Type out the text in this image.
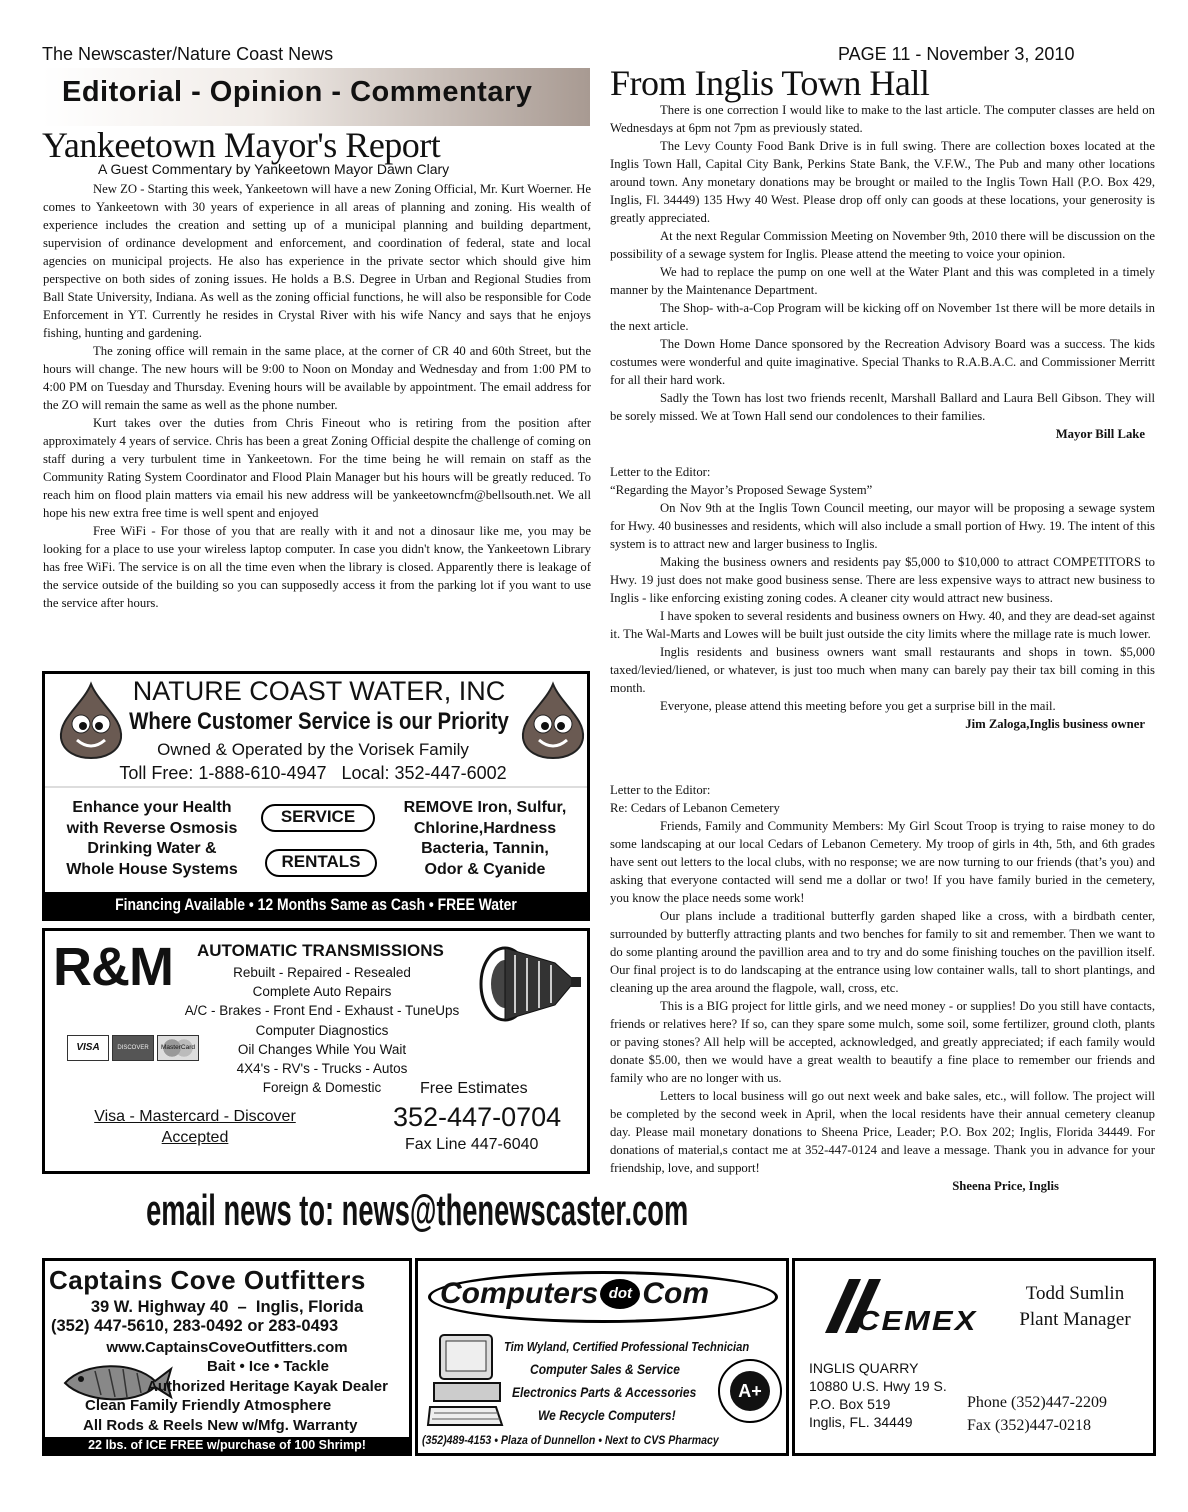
The Newscaster/Nature Coast News	PAGE 11 - November 3, 2010
Editorial - Opinion - Commentary
Yankeetown Mayor's Report
A Guest Commentary by Yankeetown Mayor Dawn Clary

New ZO - Starting this week, Yankeetown will have a new Zoning Official, Mr. Kurt Woerner. He comes to Yankeetown with 30 years of experience in all areas of planning and zoning. His wealth of experience includes the creation and setting up of a municipal planning and building department, supervision of ordinance development and enforcement, and coordination of federal, state and local agencies on municipal projects. He also has experience in the private sector which should give him perspective on both sides of zoning issues. He holds a B.S. Degree in Urban and Regional Studies from Ball State University, Indiana. As well as the zoning official functions, he will also be responsible for Code Enforcement in YT. Currently he resides in Crystal River with his wife Nancy and says that he enjoys fishing, hunting and gardening.

The zoning office will remain in the same place, at the corner of CR 40 and 60th Street, but the hours will change. The new hours will be 9:00 to Noon on Monday and Wednesday and from 1:00 PM to 4:00 PM on Tuesday and Thursday. Evening hours will be available by appointment. The email address for the ZO will remain the same as well as the phone number.

Kurt takes over the duties from Chris Fineout who is retiring from the position after approximately 4 years of service. Chris has been a great Zoning Official despite the challenge of coming on staff during a very turbulent time in Yankeetown. For the time being he will remain on staff as the Community Rating System Coordinator and Flood Plain Manager but his hours will be greatly reduced. To reach him on flood plain matters via email his new address will be yankeetowncfm@bellsouth.net. We all hope his new extra free time is well spent and enjoyed

Free WiFi - For those of you that are really with it and not a dinosaur like me, you may be looking for a place to use your wireless laptop computer. In case you didn't know, the Yankeetown Library has free WiFi. The service is on all the time even when the library is closed. Apparently there is leakage of the service outside of the building so you can supposedly access it from the parking lot if you want to use the service after hours.

NATURE COAST WATER, INC
Where Customer Service is our Priority
Owned & Operated by the Vorisek Family
Toll Free: 1-888-610-4947   Local: 352-447-6002
Enhance your Health
with Reverse Osmosis
Drinking Water &
Whole House Systems
SERVICE
RENTALS
REMOVE Iron, Sulfur,
Chlorine,Hardness
Bacteria, Tannin,
Odor & Cyanide
Financing Available • 12 Months Same as Cash • FREE Water Analysis
R&M AUTOMATIC TRANSMISSIONS
Rebuilt - Repaired - Resealed
Complete Auto Repairs
A/C - Brakes - Front End - Exhaust - TuneUps
Computer Diagnostics
Oil Changes While You Wait
4X4's - RV's - Trucks - Autos
Foreign & Domestic
VISA	DISCOVER	MasterCard
Free Estimates
Visa - Mastercard - Discover
Accepted
352-447-0704
Fax Line 447-6040
email news to: news@thenewscaster.com
From Inglis Town Hall

There is one correction I would like to make to the last article. The computer classes are held on Wednesdays at 6pm not 7pm as previously stated.

The Levy County Food Bank Drive is in full swing. There are collection boxes located at the Inglis Town Hall, Capital City Bank, Perkins State Bank, the V.F.W., The Pub and many other locations around town. Any monetary donations may be brought or mailed to the Inglis Town Hall (P.O. Box 429, Inglis, Fl. 34449) 135 Hwy 40 West. Please drop off only can goods at these locations, your generosity is greatly appreciated.

At the next Regular Commission Meeting on November 9th, 2010 there will be discussion on the possibility of a sewage system for Inglis. Please attend the meeting to voice your opinion.

We had to replace the pump on one well at the Water Plant and this was completed in a timely manner by the Maintenance Department.

The Shop- with-a-Cop Program will be kicking off on November 1st there will be more details in the next article.

The Down Home Dance sponsored by the Recreation Advisory Board was a success. The kids costumes were wonderful and quite imaginative. Special Thanks to R.A.B.A.C. and Commissioner Merritt for all their hard work.

Sadly the Town has lost two friends recenlt, Marshall Ballard and Laura Bell Gibson. They will be sorely missed. We at Town Hall send our condolences to their families.

Mayor Bill Lake

Letter to the Editor:

“Regarding the Mayor’s Proposed Sewage System”

On Nov 9th at the Inglis Town Council meeting, our mayor will be proposing a sewage system for Hwy. 40 businesses and residents, which will also include a small portion of Hwy. 19. The intent of this system is to attract new and larger business to Inglis.

Making the business owners and residents pay $5,000 to $10,000 to attract COMPETITORS to Hwy. 19 just does not make good business sense. There are less expensive ways to attract new business to Inglis - like enforcing existing zoning codes. A cleaner city would attract new business.

I have spoken to several residents and business owners on Hwy. 40, and they are dead-set against it. The Wal-Marts and Lowes will be built just outside the city limits where the millage rate is much lower.

Inglis residents and business owners want small restaurants and shops in town. $5,000 taxed/levied/liened, or whatever, is just too much when many can barely pay their tax bill coming in this month.

Everyone, please attend this meeting before you get a surprise bill in the mail.

Jim Zaloga,Inglis business owner

Letter to the Editor:

Re: Cedars of Lebanon Cemetery

Friends, Family and Community Members: My Girl Scout Troop is trying to raise money to do some landscaping at our local Cedars of Lebanon Cemetery. My troop of girls in 4th, 5th, and 6th grades have sent out letters to the local clubs, with no response; we are now turning to our friends (that’s you) and asking that everyone contacted will send me a dollar or two! If you have family buried in the cemetery, you know the place needs some work!

Our plans include a traditional butterfly garden shaped like a cross, with a birdbath center, surrounded by butterfly attracting plants and two benches for family to sit and remember. Then we want to do some planting around the pavillion area and to try and do some finishing touches on the pavillion itself. Our final project is to do landscaping at the entrance using low container walls, tall to short plantings, and cleaning up the area around the flagpole, wall, cross, etc.

This is a BIG project for little girls, and we need money - or supplies! Do you still have contacts, friends or relatives here? If so, can they spare some mulch, some soil, some fertilizer, ground cloth, plants or paving stones? All help will be accepted, acknowledged, and greatly appreciated; if each family would donate $5.00, then we would have a great wealth to beautify a fine place to remember our friends and family who are no longer with us.

Letters to local business will go out next week and bake sales, etc., will follow. The project will be completed by the second week in April, when the local residents have their annual cemetery cleanup day. Please mail monetary donations to Sheena Price, Leader; P.O. Box 202; Inglis, Florida 34449. For donations of material,s contact me at 352-447-0124 and leave a message. Thank you in advance for your friendship, love, and support!

Sheena Price, Inglis
Captains Cove Outfitters
39 W. Highway 40  –  Inglis, Florida
(352) 447-5610, 283-0492 or 283-0493
www.CaptainsCoveOutfitters.com
Bait • Ice • Tackle
Authorized Heritage Kayak Dealer
Clean Family Friendly Atmosphere
All Rods & Reels New w/Mfg. Warranty
22 lbs. of ICE FREE w/purchase of 100 Shrimp!
Computers dot Com
Tim Wyland, Certified Professional Technician
Computer Sales & Service
Electronics Parts & Accessories
We Recycle Computers!
A+
(352)489-4153 • Plaza of Dunnellon • Next to CVS Pharmacy
CEMEX
Todd Sumlin
Plant Manager
INGLIS QUARRY
10880 U.S. Hwy 19 S.
P.O. Box 519
Inglis, FL. 34449
Phone (352)447-2209
Fax (352)447-0218
